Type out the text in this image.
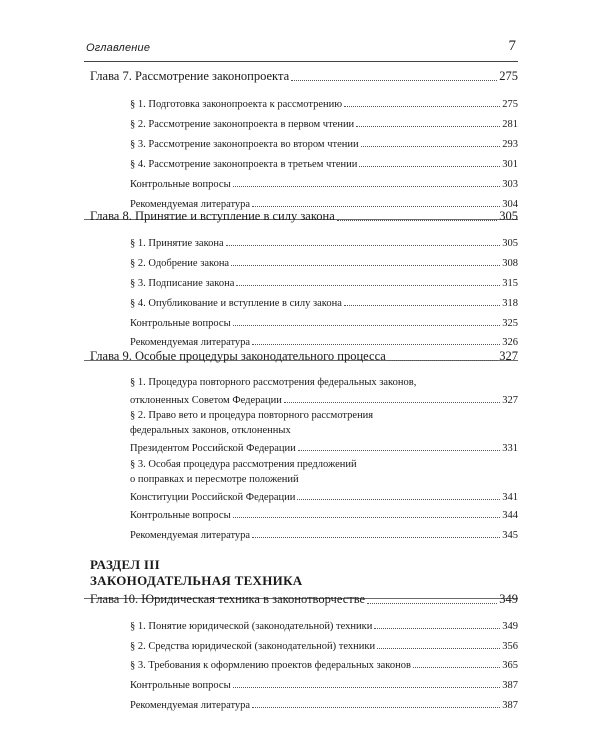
Оглавление	7
Глава 7. Рассмотрение законопроекта	275
§ 1. Подготовка законопроекта к рассмотрению	275
§ 2. Рассмотрение законопроекта в первом чтении	281
§ 3. Рассмотрение законопроекта во втором чтении	293
§ 4. Рассмотрение законопроекта в третьем чтении	301
Контрольные вопросы	303
Рекомендуемая литература	304
Глава 8. Принятие и вступление в силу закона	305
§ 1. Принятие закона	305
§ 2. Одобрение закона	308
§ 3. Подписание закона	315
§ 4. Опубликование и вступление в силу закона	318
Контрольные вопросы	325
Рекомендуемая литература	326
Глава 9. Особые процедуры законодательного процесса	327
§ 1. Процедура повторного рассмотрения федеральных законов,
отклоненных Советом Федерации	327
§ 2. Право вето и процедура повторного рассмотрения
федеральных законов, отклоненных
Президентом Российской Федерации	331
§ 3. Особая процедура рассмотрения предложений
о поправках и пересмотре положений
Конституции Российской Федерации	341
Контрольные вопросы	344
Рекомендуемая литература	345
РАЗДЕЛ III
ЗАКОНОДАТЕЛЬНАЯ ТЕХНИКА
Глава 10. Юридическая техника в законотворчестве	349
§ 1. Понятие юридической (законодательной) техники	349
§ 2. Средства юридической (законодательной) техники	356
§ 3. Требования к оформлению проектов федеральных законов	365
Контрольные вопросы	387
Рекомендуемая литература	387
